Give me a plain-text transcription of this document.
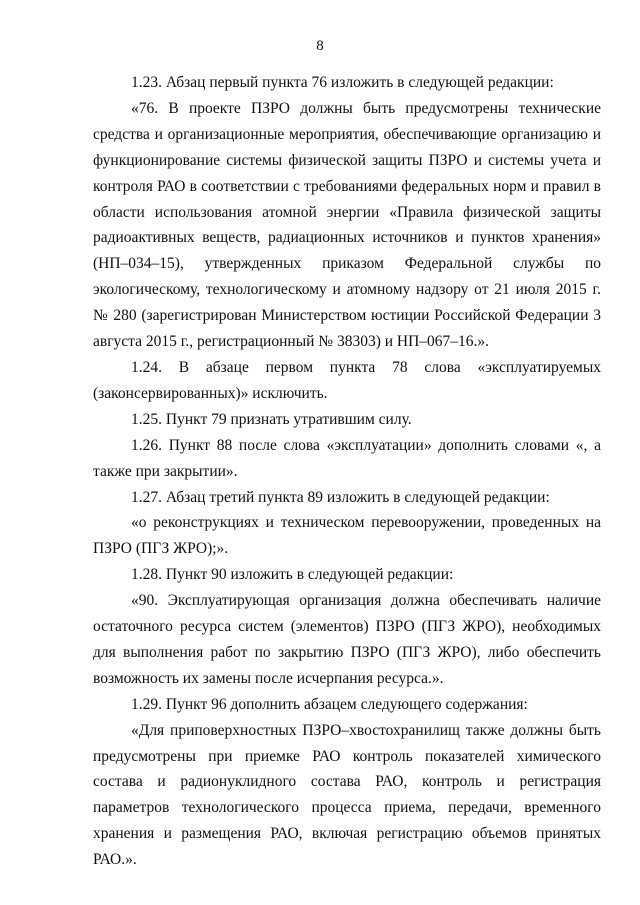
8

1.23. Абзац первый пункта 76 изложить в следующей редакции:

«76. В проекте ПЗРО должны быть предусмотрены технические средства и организационные мероприятия, обеспечивающие организацию и функционирование системы физической защиты ПЗРО и системы учета и контроля РАО в соответствии с требованиями федеральных норм и правил в области использования атомной энергии «Правила физической защиты радиоактивных веществ, радиационных источников и пунктов хранения» (НП–034–15), утвержденных приказом Федеральной службы по экологическому, технологическому и атомному надзору от 21 июля 2015 г. № 280 (зарегистрирован Министерством юстиции Российской Федерации 3 августа 2015 г., регистрационный № 38303) и НП–067–16.».

1.24. В абзаце первом пункта 78 слова «эксплуатируемых (законсервированных)» исключить.

1.25. Пункт 79 признать утратившим силу.

1.26. Пункт 88 после слова «эксплуатации» дополнить словами «, а также при закрытии».

1.27. Абзац третий пункта 89 изложить в следующей редакции:

«о реконструкциях и техническом перевооружении, проведенных на ПЗРО (ПГЗ ЖРО);».

1.28. Пункт 90 изложить в следующей редакции:

«90. Эксплуатирующая организация должна обеспечивать наличие остаточного ресурса систем (элементов) ПЗРО (ПГЗ ЖРО), необходимых для выполнения работ по закрытию ПЗРО (ПГЗ ЖРО), либо обеспечить возможность их замены после исчерпания ресурса.».

1.29. Пункт 96 дополнить абзацем следующего содержания:

«Для приповерхностных ПЗРО–хвостохранилищ также должны быть предусмотрены при приемке РАО контроль показателей химического состава и радионуклидного состава РАО, контроль и регистрация параметров технологического процесса приема, передачи, временного хранения и размещения РАО, включая регистрацию объемов принятых РАО.».
